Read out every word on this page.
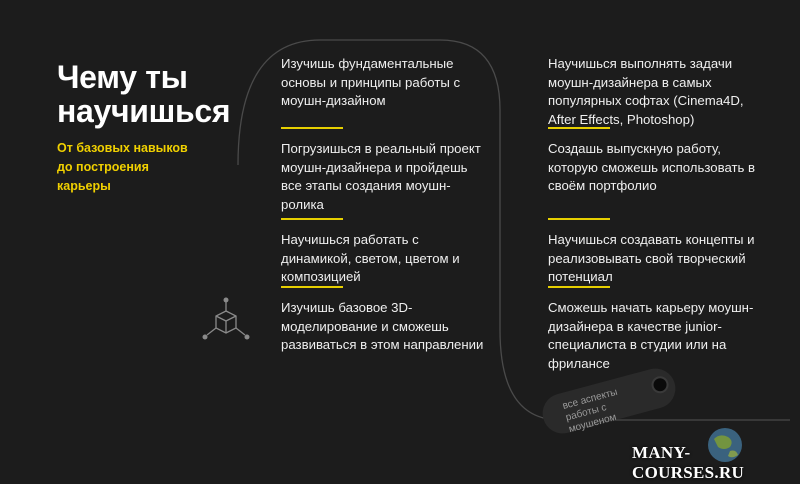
Чему ты
научишься
От базовых навыков до построения карьеры
Изучишь фундаментальные основы и принципы работы с моушн-дизайном
Погрузишься в реальный проект моушн-дизайнера и пройдешь все этапы создания моушн-ролика
Научишься работать с динамикой, светом, цветом и композицией
Изучишь базовое 3D-моделирование и сможешь развиваться в этом направлении
Научишься выполнять задачи моушн-дизайнера в самых популярных софтах (Cinema4D, After Effects, Photoshop)
Создашь выпускную работу, которую сможешь использовать в своём портфолио
Научишься создавать концепты и реализовывать свой творческий потенциал
Сможешь начать карьеру моушн-дизайнера в качестве junior-специалиста в студии или на фрилансе
все аспекты работы с моушеном
MANY-COURSES.RU
